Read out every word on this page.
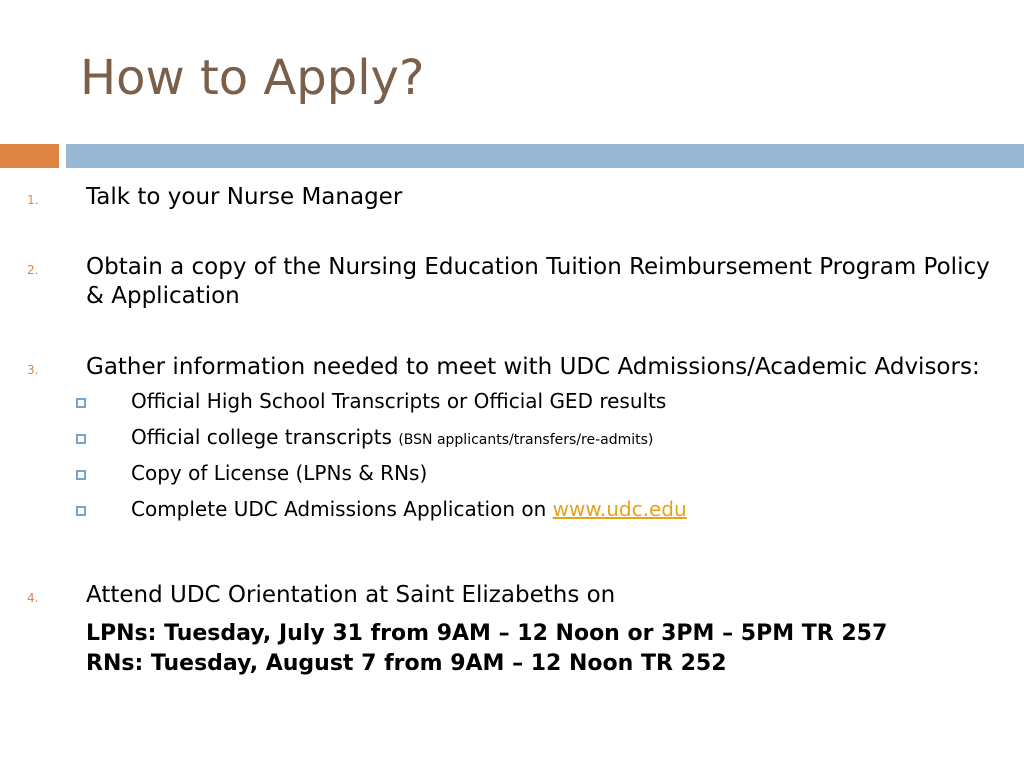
How to Apply?
1. Talk to your Nurse Manager
2. Obtain a copy of the Nursing Education Tuition Reimbursement Program Policy & Application
3. Gather information needed to meet with UDC Admissions/Academic Advisors:
Official High School Transcripts or Official GED results
Official college transcripts (BSN applicants/transfers/re-admits)
Copy of License (LPNs & RNs)
Complete UDC Admissions Application on www.udc.edu
4. Attend UDC Orientation at Saint Elizabeths on
LPNs: Tuesday, July 31 from 9AM – 12 Noon or 3PM – 5PM TR 257
RNs: Tuesday, August 7 from 9AM – 12 Noon TR 252
